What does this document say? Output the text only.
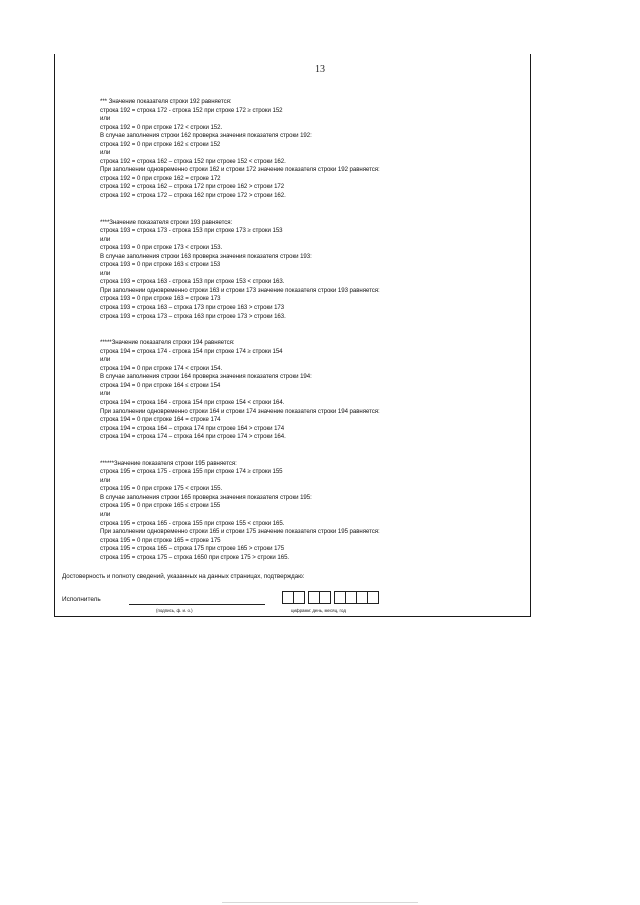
13
*** Значение показателя строки 192 равняется:
строка 192 = строка 172 - строка 152 при строке 172 ≥ строки 152
или
строка 192 = 0 при строке 172 < строки 152.
В случае заполнения строки 162 проверка значения показателя строки 192:
строка 192 = 0 при строке 162 ≤ строки 152
или
строка 192 = строка 162 – строка 152 при строке 152 < строки 162.
При заполнении одновременно строки 162 и строки 172 значение показателя строки 192 равняется:
строка 192 = 0 при строке 162 = строке 172
строка 192 = строка 162 – строка 172 при строке 162 > строки 172
строка 192 = строка 172 – строка 162 при строке 172 > строки 162.
****Значение показателя строки 193 равняется:
строка 193 = строка 173 - строка 153 при строке 173 ≥ строки 153
или
строка 193 = 0 при строке 173 < строки 153.
В случае заполнения строки 163 проверка значения показателя строки 193:
строка 193 = 0 при строке 163 ≤ строки 153
или
строка 193 = строка 163 - строка 153 при строке 153 < строки 163.
При заполнении одновременно строки 163 и строки 173 значение показателя строки 193 равняется:
строка 193 = 0 при строке 163 = строке 173
строка 193 = строка 163 – строка 173 при строке 163 > строки 173
строка 193 = строка 173 – строка 163 при строке 173 > строки 163.
*****Значение показателя строки 194 равняется:
строка 194 = строка 174 - строка 154 при строке 174 ≥ строки 154
или
строка 194 = 0 при строке 174 < строки 154.
В случае заполнения строки 164 проверка значения показателя строки 194:
строка 194 = 0 при строке 164 ≤ строки 154
или
строка 194 = строка 164 - строка 154 при строке 154 < строки 164.
При заполнении одновременно строки 164 и строки 174 значение показателя строки 194 равняется:
строка 194 = 0 при строке 164 = строке 174
строка 194 = строка 164 – строка 174 при строке 164 > строки 174
строка 194 = строка 174 – строка 164 при строке 174 > строки 164.
******Значение показателя строки 195 равняется:
строка 195 = строка 175 - строка 155 при строке 174 ≥ строки 155
или
строка 195 = 0 при строке 175 < строки 155.
В случае заполнения строки 165 проверка значения показателя строки 195:
строка 195 = 0 при строке 165 ≤ строки 155
или
строка 195 = строка 165 - строка 155 при строке 155 < строки 165.
При заполнении одновременно строки 165 и строки 175 значение показателя строки 195 равняется:
строка 195 = 0 при строке 165 = строке 175
строка 195 = строка 165 – строка 175 при строке 165 > строки 175
строка 195 = строка 175 – строка 1650 при строке 175 > строки 165.
Достоверность и полноту сведений, указанных на данных страницах, подтверждаю:
Исполнитель
(подпись, ф. и. о.)	цифрами: день, месяц, год
